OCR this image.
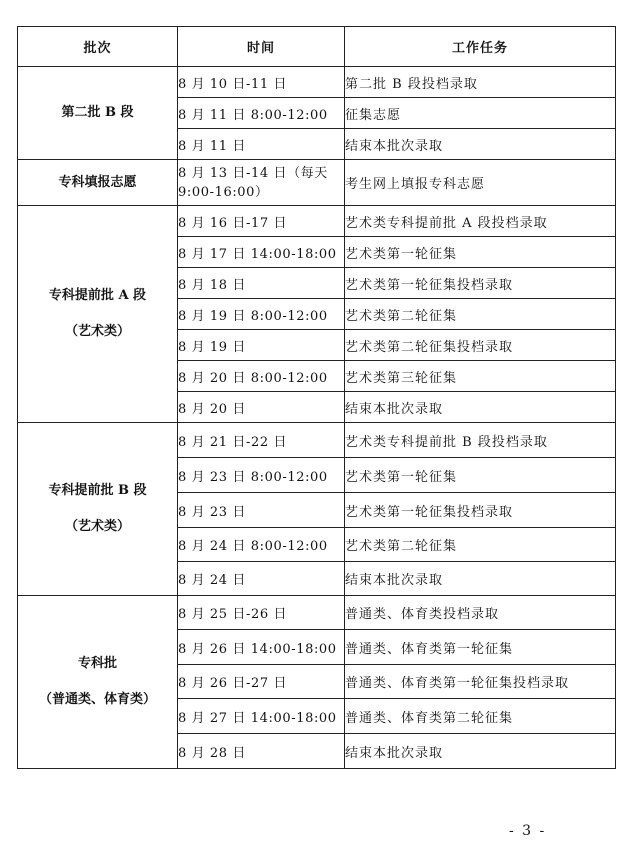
批次	时间	工作任务

第二批 B 段	8 月 10 日-11 日	第二批 B 段投档录取
	8 月 11 日 8:00-12:00	征集志愿
	8 月 11 日	结束本批次录取

专科填报志愿	8 月 13 日-14 日（每天 9:00-16:00）	考生网上填报专科志愿

专科提前批 A 段
（艺术类）	8 月 16 日-17 日	艺术类专科提前批 A 段投档录取
	8 月 17 日 14:00-18:00	艺术类第一轮征集
	8 月 18 日	艺术类第一轮征集投档录取
	8 月 19 日 8:00-12:00	艺术类第二轮征集
	8 月 19 日	艺术类第二轮征集投档录取
	8 月 20 日 8:00-12:00	艺术类第三轮征集
	8 月 20 日	结束本批次录取

专科提前批 B 段
（艺术类）	8 月 21 日-22 日	艺术类专科提前批 B 段投档录取
	8 月 23 日 8:00-12:00	艺术类第一轮征集
	8 月 23 日	艺术类第一轮征集投档录取
	8 月 24 日 8:00-12:00	艺术类第二轮征集
	8 月 24 日	结束本批次录取

专科批
（普通类、体育类）	8 月 25 日-26 日	普通类、体育类投档录取
	8 月 26 日 14:00-18:00	普通类、体育类第一轮征集
	8 月 26 日-27 日	普通类、体育类第一轮征集投档录取
	8 月 27 日 14:00-18:00	普通类、体育类第二轮征集
	8 月 28 日	结束本批次录取
- 3 -
